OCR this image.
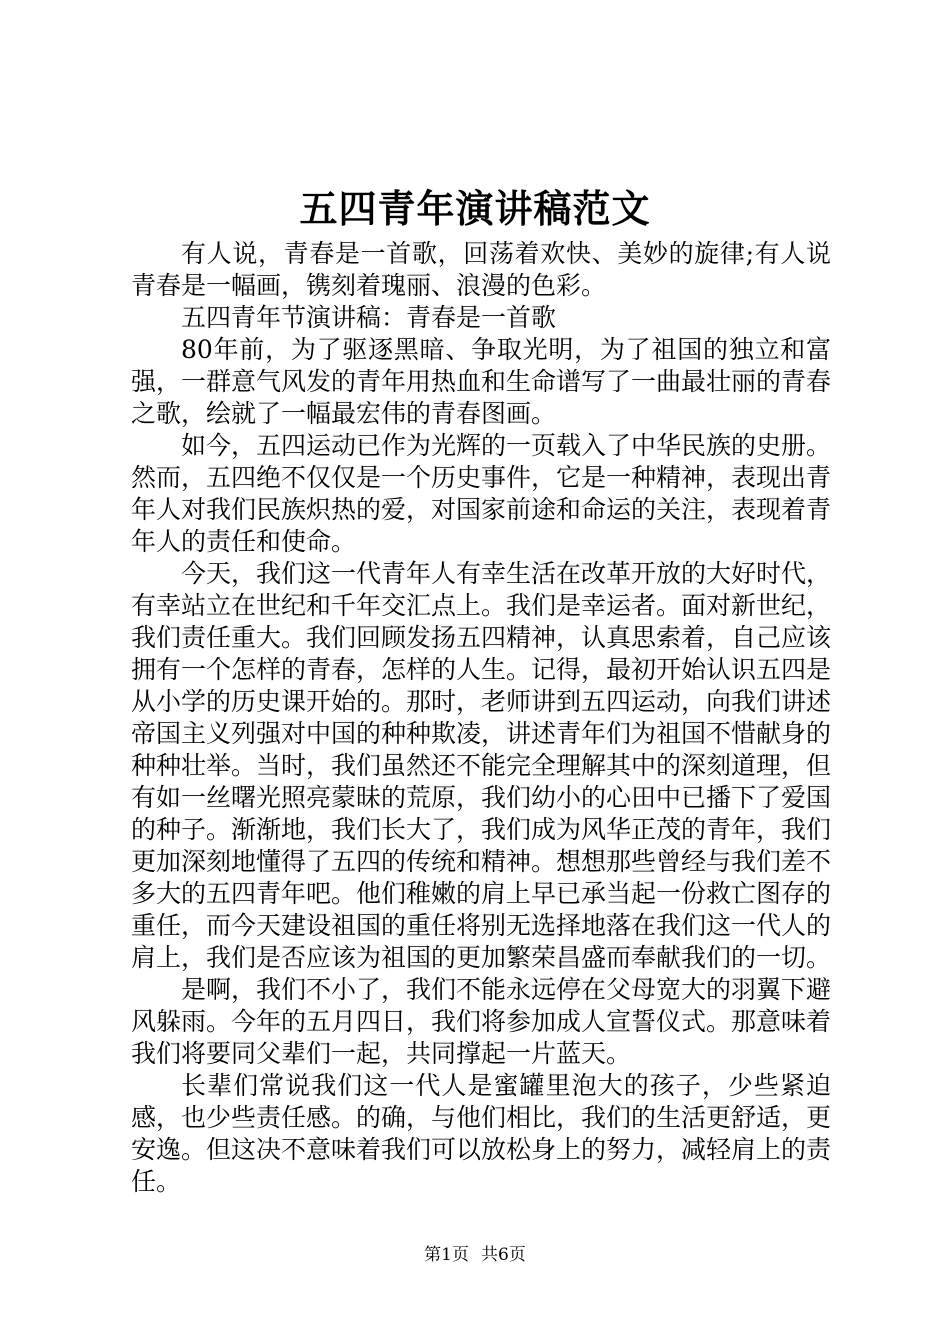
五四青年演讲稿范文

有人说，青春是一首歌，回荡着欢快、美妙的旋律;有人说青春是一幅画，镌刻着瑰丽、浪漫的色彩。

五四青年节演讲稿：青春是一首歌

80年前，为了驱逐黑暗、争取光明，为了祖国的独立和富强，一群意气风发的青年用热血和生命谱写了一曲最壮丽的青春之歌，绘就了一幅最宏伟的青春图画。

如今，五四运动已作为光辉的一页载入了中华民族的史册。然而，五四绝不仅仅是一个历史事件，它是一种精神，表现出青年人对我们民族炽热的爱，对国家前途和命运的关注，表现着青年人的责任和使命。

今天，我们这一代青年人有幸生活在改革开放的大好时代，有幸站立在世纪和千年交汇点上。我们是幸运者。面对新世纪，我们责任重大。我们回顾发扬五四精神，认真思索着，自己应该拥有一个怎样的青春，怎样的人生。记得，最初开始认识五四是从小学的历史课开始的。那时，老师讲到五四运动，向我们讲述帝国主义列强对中国的种种欺凌，讲述青年们为祖国不惜献身的种种壮举。当时，我们虽然还不能完全理解其中的深刻道理，但有如一丝曙光照亮蒙昧的荒原，我们幼小的心田中已播下了爱国的种子。渐渐地，我们长大了，我们成为风华正茂的青年，我们更加深刻地懂得了五四的传统和精神。想想那些曾经与我们差不多大的五四青年吧。他们稚嫩的肩上早已承当起一份救亡图存的重任，而今天建设祖国的重任将别无选择地落在我们这一代人的肩上，我们是否应该为祖国的更加繁荣昌盛而奉献我们的一切。

是啊，我们不小了，我们不能永远停在父母宽大的羽翼下避风躲雨。今年的五月四日，我们将参加成人宣誓仪式。那意味着我们将要同父辈们一起，共同撑起一片蓝天。

长辈们常说我们这一代人是蜜罐里泡大的孩子，少些紧迫感，也少些责任感。的确，与他们相比，我们的生活更舒适，更安逸。但这决不意味着我们可以放松身上的努力，减轻肩上的责任。

第1页 共6页
